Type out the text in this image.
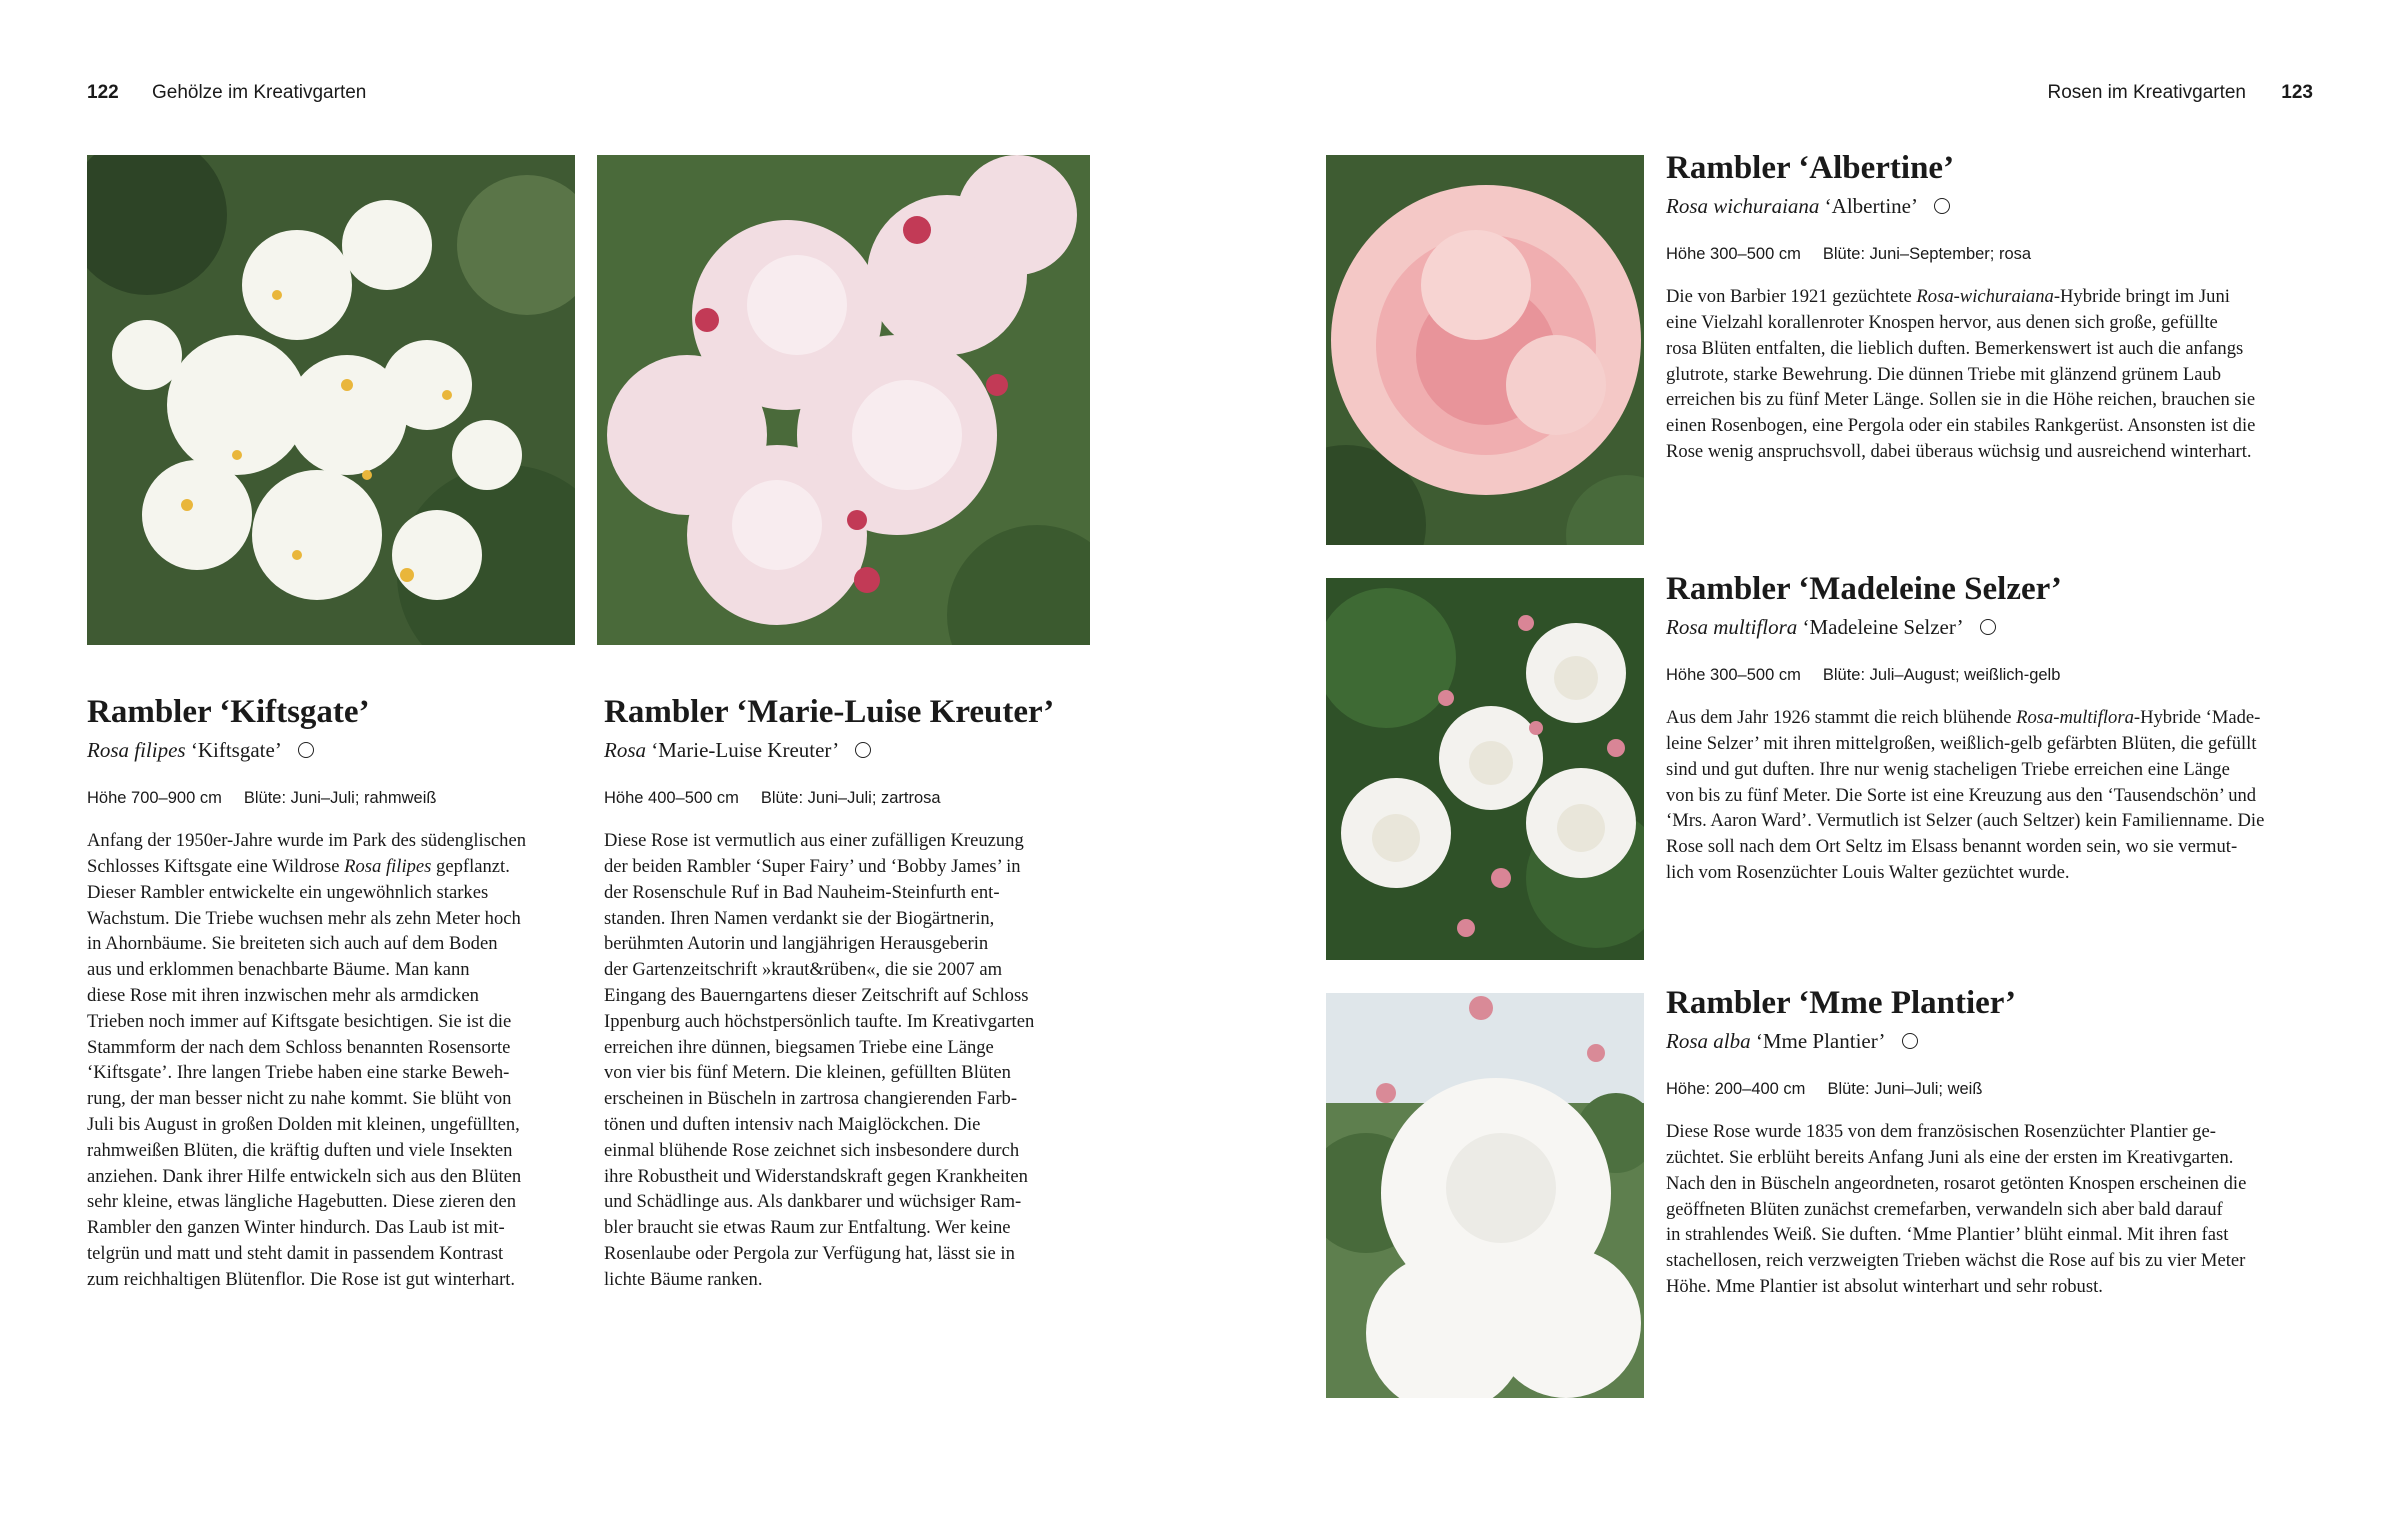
122 Gehölze im Kreativgarten	Rosen im Kreativgarten 123
Rambler ‘Kiftsgate’
Rosa filipes ‘Kiftsgate’
Höhe 700–900 cm Blüte: Juni–Juli; rahmweiß

Anfang der 1950er-Jahre wurde im Park des südenglischen
Schlosses Kiftsgate eine Wildrose Rosa filipes gepflanzt.
Dieser Rambler entwickelte ein ungewöhnlich starkes
Wachstum. Die Triebe wuchsen mehr als zehn Meter hoch
in Ahornbäume. Sie breiteten sich auch auf dem Boden
aus und erklommen benachbarte Bäume. Man kann
diese Rose mit ihren inzwischen mehr als armdicken
Trieben noch immer auf Kiftsgate besichtigen. Sie ist die
Stammform der nach dem Schloss benannten Rosensorte
‘Kiftsgate’. Ihre langen Triebe haben eine starke Beweh-
rung, der man besser nicht zu nahe kommt. Sie blüht von
Juli bis August in großen Dolden mit kleinen, ungefüllten,
rahmweißen Blüten, die kräftig duften und viele Insekten
anziehen. Dank ihrer Hilfe entwickeln sich aus den Blüten
sehr kleine, etwas längliche Hagebutten. Diese zieren den
Rambler den ganzen Winter hindurch. Das Laub ist mit-
telgrün und matt und steht damit in passendem Kontrast
zum reichhaltigen Blütenflor. Die Rose ist gut winterhart.

Rambler ‘Marie-Luise Kreuter’
Rosa ‘Marie-Luise Kreuter’
Höhe 400–500 cm Blüte: Juni–Juli; zartrosa

Diese Rose ist vermutlich aus einer zufälligen Kreuzung
der beiden Rambler ‘Super Fairy’ und ‘Bobby James’ in
der Rosenschule Ruf in Bad Nauheim-Steinfurth ent-
standen. Ihren Namen verdankt sie der Biogärtnerin,
berühmten Autorin und langjährigen Herausgeberin
der Gartenzeitschrift »kraut&rüben«, die sie 2007 am
Eingang des Bauerngartens dieser Zeitschrift auf Schloss
Ippenburg auch höchstpersönlich taufte. Im Kreativgarten
erreichen ihre dünnen, biegsamen Triebe eine Länge
von vier bis fünf Metern. Die kleinen, gefüllten Blüten
erscheinen in Büscheln in zartrosa changierenden Farb-
tönen und duften intensiv nach Maiglöckchen. Die
einmal blühende Rose zeichnet sich insbesondere durch
ihre Robustheit und Widerstandskraft gegen Krankheiten
und Schädlinge aus. Als dankbarer und wüchsiger Ram-
bler braucht sie etwas Raum zur Entfaltung. Wer keine
Rosenlaube oder Pergola zur Verfügung hat, lässt sie in
lichte Bäume ranken.

Rambler ‘Albertine’
Rosa wichuraiana ‘Albertine’
Höhe 300–500 cm Blüte: Juni–September; rosa

Die von Barbier 1921 gezüchtete Rosa-wichuraiana-Hybride bringt im Juni
eine Vielzahl korallenroter Knospen hervor, aus denen sich große, gefüllte
rosa Blüten entfalten, die lieblich duften. Bemerkenswert ist auch die anfangs
glutrote, starke Bewehrung. Die dünnen Triebe mit glänzend grünem Laub
erreichen bis zu fünf Meter Länge. Sollen sie in die Höhe reichen, brauchen sie
einen Rosenbogen, eine Pergola oder ein stabiles Rankgerüst. Ansonsten ist die
Rose wenig anspruchsvoll, dabei überaus wüchsig und ausreichend winterhart.

Rambler ‘Madeleine Selzer’
Rosa multiflora ‘Madeleine Selzer’
Höhe 300–500 cm Blüte: Juli–August; weißlich-gelb

Aus dem Jahr 1926 stammt die reich blühende Rosa-multiflora-Hybride ‘Made-
leine Selzer’ mit ihren mittelgroßen, weißlich-gelb gefärbten Blüten, die gefüllt
sind und gut duften. Ihre nur wenig stacheligen Triebe erreichen eine Länge
von bis zu fünf Meter. Die Sorte ist eine Kreuzung aus den ‘Tausendschön’ und
‘Mrs. Aaron Ward’. Vermutlich ist Selzer (auch Seltzer) kein Familienname. Die
Rose soll nach dem Ort Seltz im Elsass benannt worden sein, wo sie vermut-
lich vom Rosenzüchter Louis Walter gezüchtet wurde.

Rambler ‘Mme Plantier’
Rosa alba ‘Mme Plantier’
Höhe: 200–400 cm Blüte: Juni–Juli; weiß

Diese Rose wurde 1835 von dem französischen Rosenzüchter Plantier ge-
züchtet. Sie erblüht bereits Anfang Juni als eine der ersten im Kreativgarten.
Nach den in Büscheln angeordneten, rosarot getönten Knospen erscheinen die
geöffneten Blüten zunächst cremefarben, verwandeln sich aber bald darauf
in strahlendes Weiß. Sie duften. ‘Mme Plantier’ blüht einmal. Mit ihren fast
stachellosen, reich verzweigten Trieben wächst die Rose auf bis zu vier Meter
Höhe. Mme Plantier ist absolut winterhart und sehr robust.
